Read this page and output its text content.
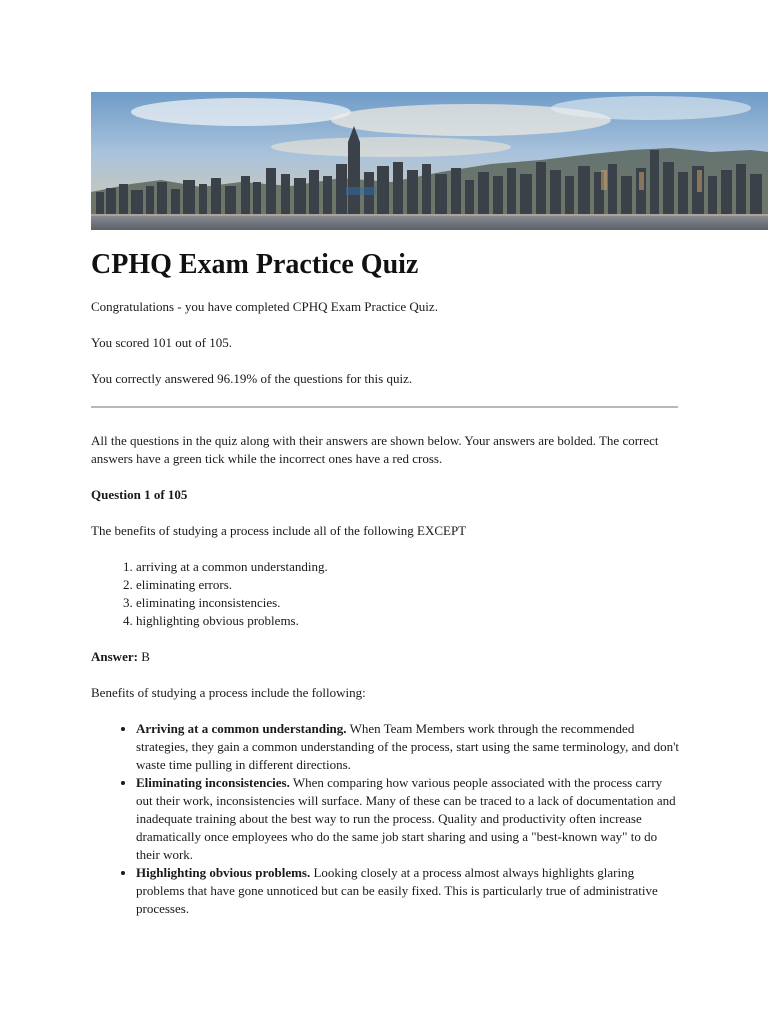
CPHQ Exam Practice Quiz

Congratulations - you have completed CPHQ Exam Practice Quiz.

You scored 101 out of 105.

You correctly answered 96.19% of the questions for this quiz.

All the questions in the quiz along with their answers are shown below. Your answers are bolded. The correct answers have a green tick while the incorrect ones have a red cross.

Question 1 of 105

The benefits of studying a process include all of the following EXCEPT

1. arriving at a common understanding.
2. eliminating errors.
3. eliminating inconsistencies.
4. highlighting obvious problems.

Answer: B

Benefits of studying a process include the following:

• Arriving at a common understanding. When Team Members work through the recommended strategies, they gain a common understanding of the process, start using the same terminology, and don't waste time pulling in different directions.
• Eliminating inconsistencies. When comparing how various people associated with the process carry out their work, inconsistencies will surface. Many of these can be traced to a lack of documentation and inadequate training about the best way to run the process. Quality and productivity often increase dramatically once employees who do the same job start sharing and using a "best-known way" to do their work.
• Highlighting obvious problems. Looking closely at a process almost always highlights glaring problems that have gone unnoticed but can be easily fixed. This is particularly true of administrative processes.
